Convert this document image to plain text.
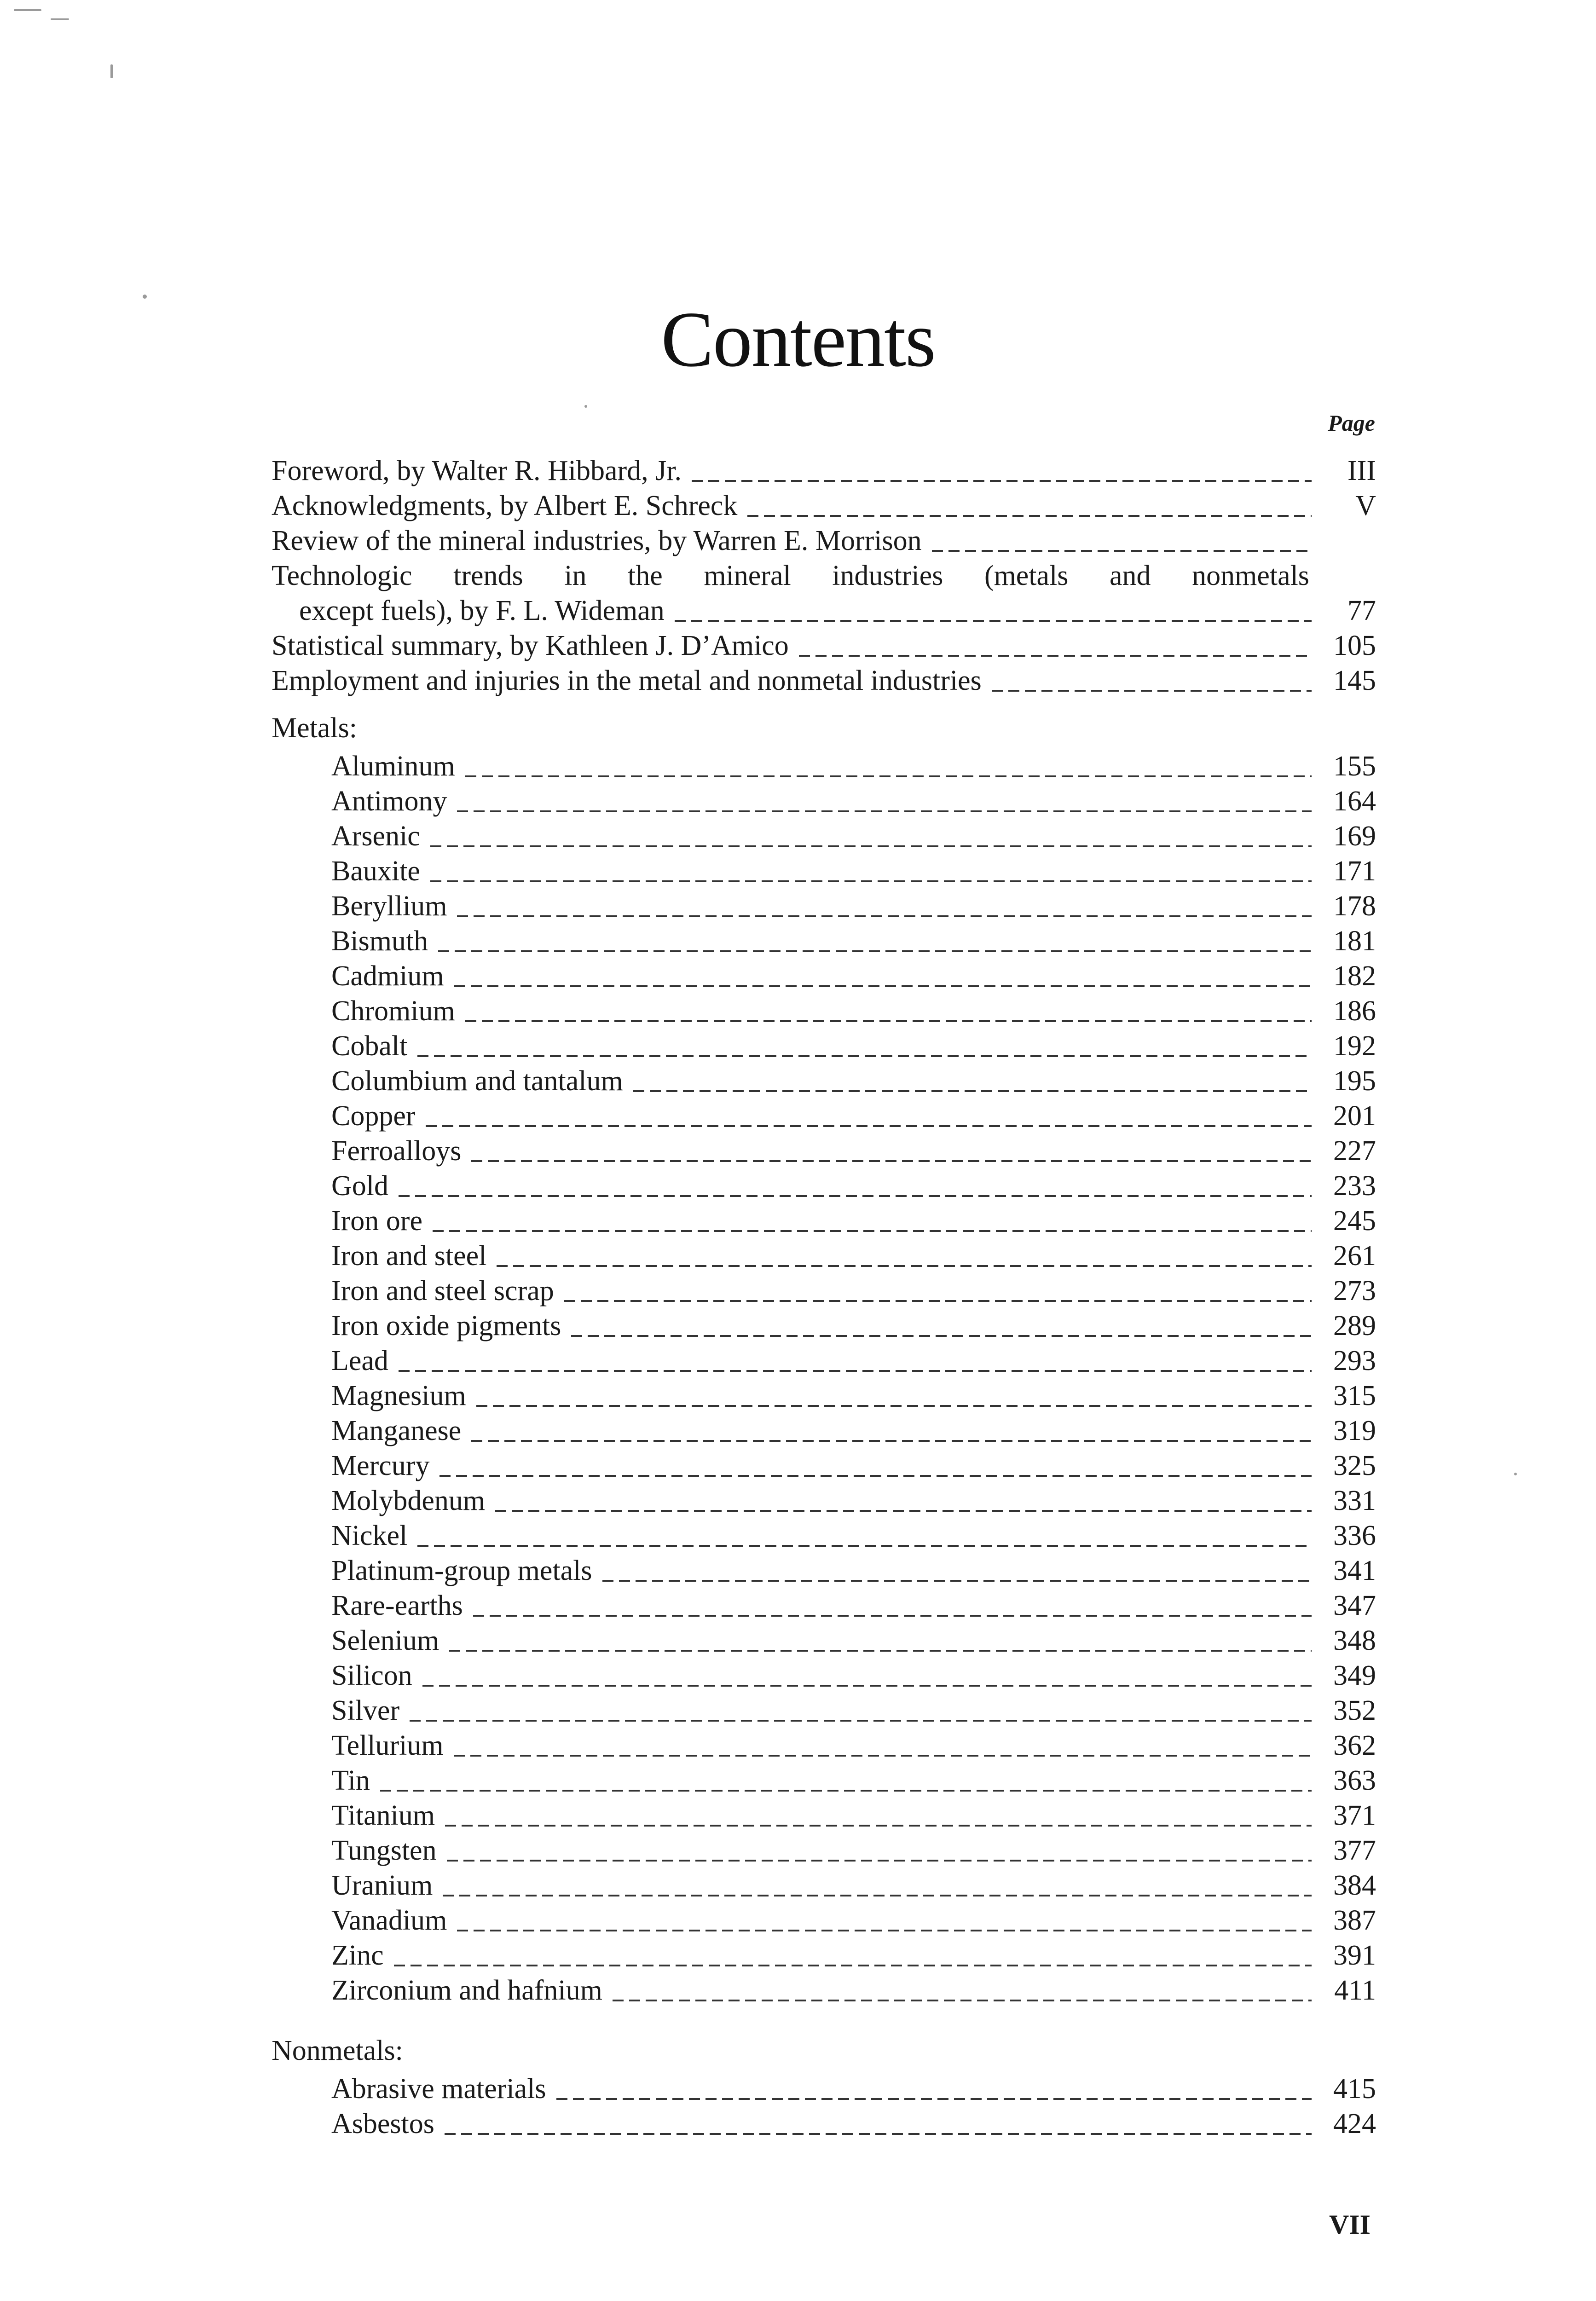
Contents
Page
Foreword, by Walter R. Hibbard, Jr.	III
Acknowledgments, by Albert E. Schreck	V
Review of the mineral industries, by Warren E. Morrison
Technologic trends in the mineral industries (metals and nonmetals
except fuels), by F. L. Wideman	77
Statistical summary, by Kathleen J. D’Amico	105
Employment and injuries in the metal and nonmetal industries	145
Metals:
Aluminum	155
Antimony	164
Arsenic	169
Bauxite	171
Beryllium	178
Bismuth	181
Cadmium	182
Chromium	186
Cobalt	192
Columbium and tantalum	195
Copper	201
Ferroalloys	227
Gold	233
Iron ore	245
Iron and steel	261
Iron and steel scrap	273
Iron oxide pigments	289
Lead	293
Magnesium	315
Manganese	319
Mercury	325
Molybdenum	331
Nickel	336
Platinum-group metals	341
Rare-earths	347
Selenium	348
Silicon	349
Silver	352
Tellurium	362
Tin	363
Titanium	371
Tungsten	377
Uranium	384
Vanadium	387
Zinc	391
Zirconium and hafnium	411
Nonmetals:
Abrasive materials	415
Asbestos	424
VII
